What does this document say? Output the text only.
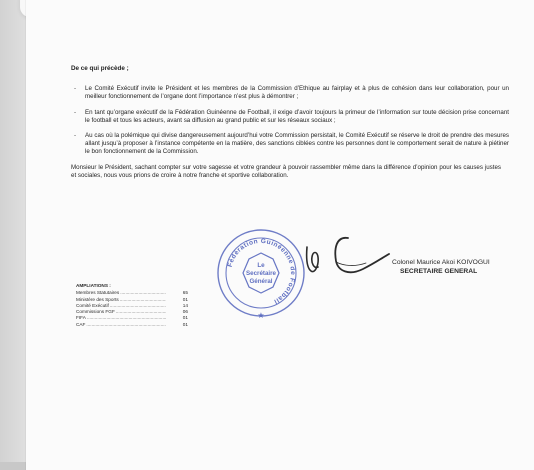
De ce qui précède ;
-	Le Comité Exécutif invite le Président et les membres de la Commission d’Ethique au fairplay et à plus de cohésion dans leur collaboration, pour un meilleur fonctionnement de l’organe dont l’importance n’est plus à démontrer ;
-	En tant qu’organe exécutif de la Fédération Guinéenne de Football, il exige d’avoir toujours la primeur de l’information sur toute décision prise concernant le football et tous les acteurs, avant sa diffusion au grand public et sur les réseaux sociaux ;
-	Au cas où la polémique qui divise dangereusement aujourd’hui votre Commission persistait, le Comité Exécutif se réserve le droit de prendre des mesures allant jusqu’à proposer à l’instance compétente en la matière, des sanctions ciblées contre les personnes dont le comportement serait de nature à piétiner le bon fonctionnement de la Commission.
Monsieur le Président, sachant compter sur votre sagesse et votre grandeur à pouvoir rassembler même dans la différence d’opinion pour les causes justes et sociales, nous vous prions de croire à notre franche et sportive collaboration.
Fédération Guinéenne de Football
Le
Secrétaire
Général
★
Colonel Maurice Akoi KOIVOGUI
SECRETAIRE GENERAL
AMPLIATIONS :
Membres Statutaires .....	65
Ministère des Sports .....	01
Comité Exécutif .....	14
Commissions FGF .....	06
FIFA .....	01
CAF .....	01
